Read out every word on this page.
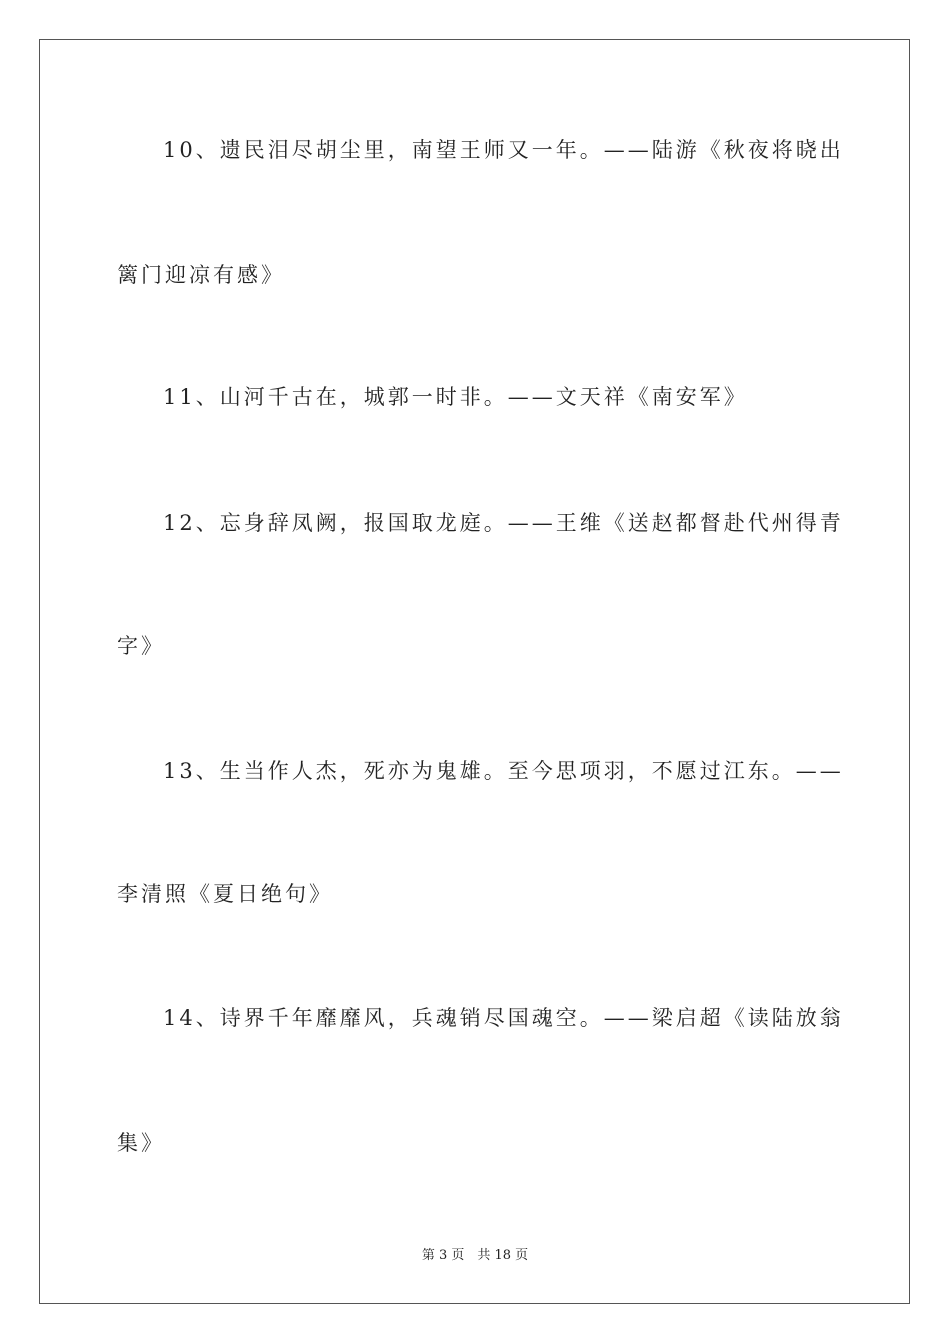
10、遗民泪尽胡尘里，南望王师又一年。——陆游《秋夜将晓出
篱门迎凉有感》
11、山河千古在，城郭一时非。——文天祥《南安军》
12、忘身辞凤阙，报国取龙庭。——王维《送赵都督赴代州得青
字》
13、生当作人杰，死亦为鬼雄。至今思项羽，不愿过江东。——
李清照《夏日绝句》
14、诗界千年靡靡风，兵魂销尽国魂空。——梁启超《读陆放翁
集》
第 3 页　共 18 页
